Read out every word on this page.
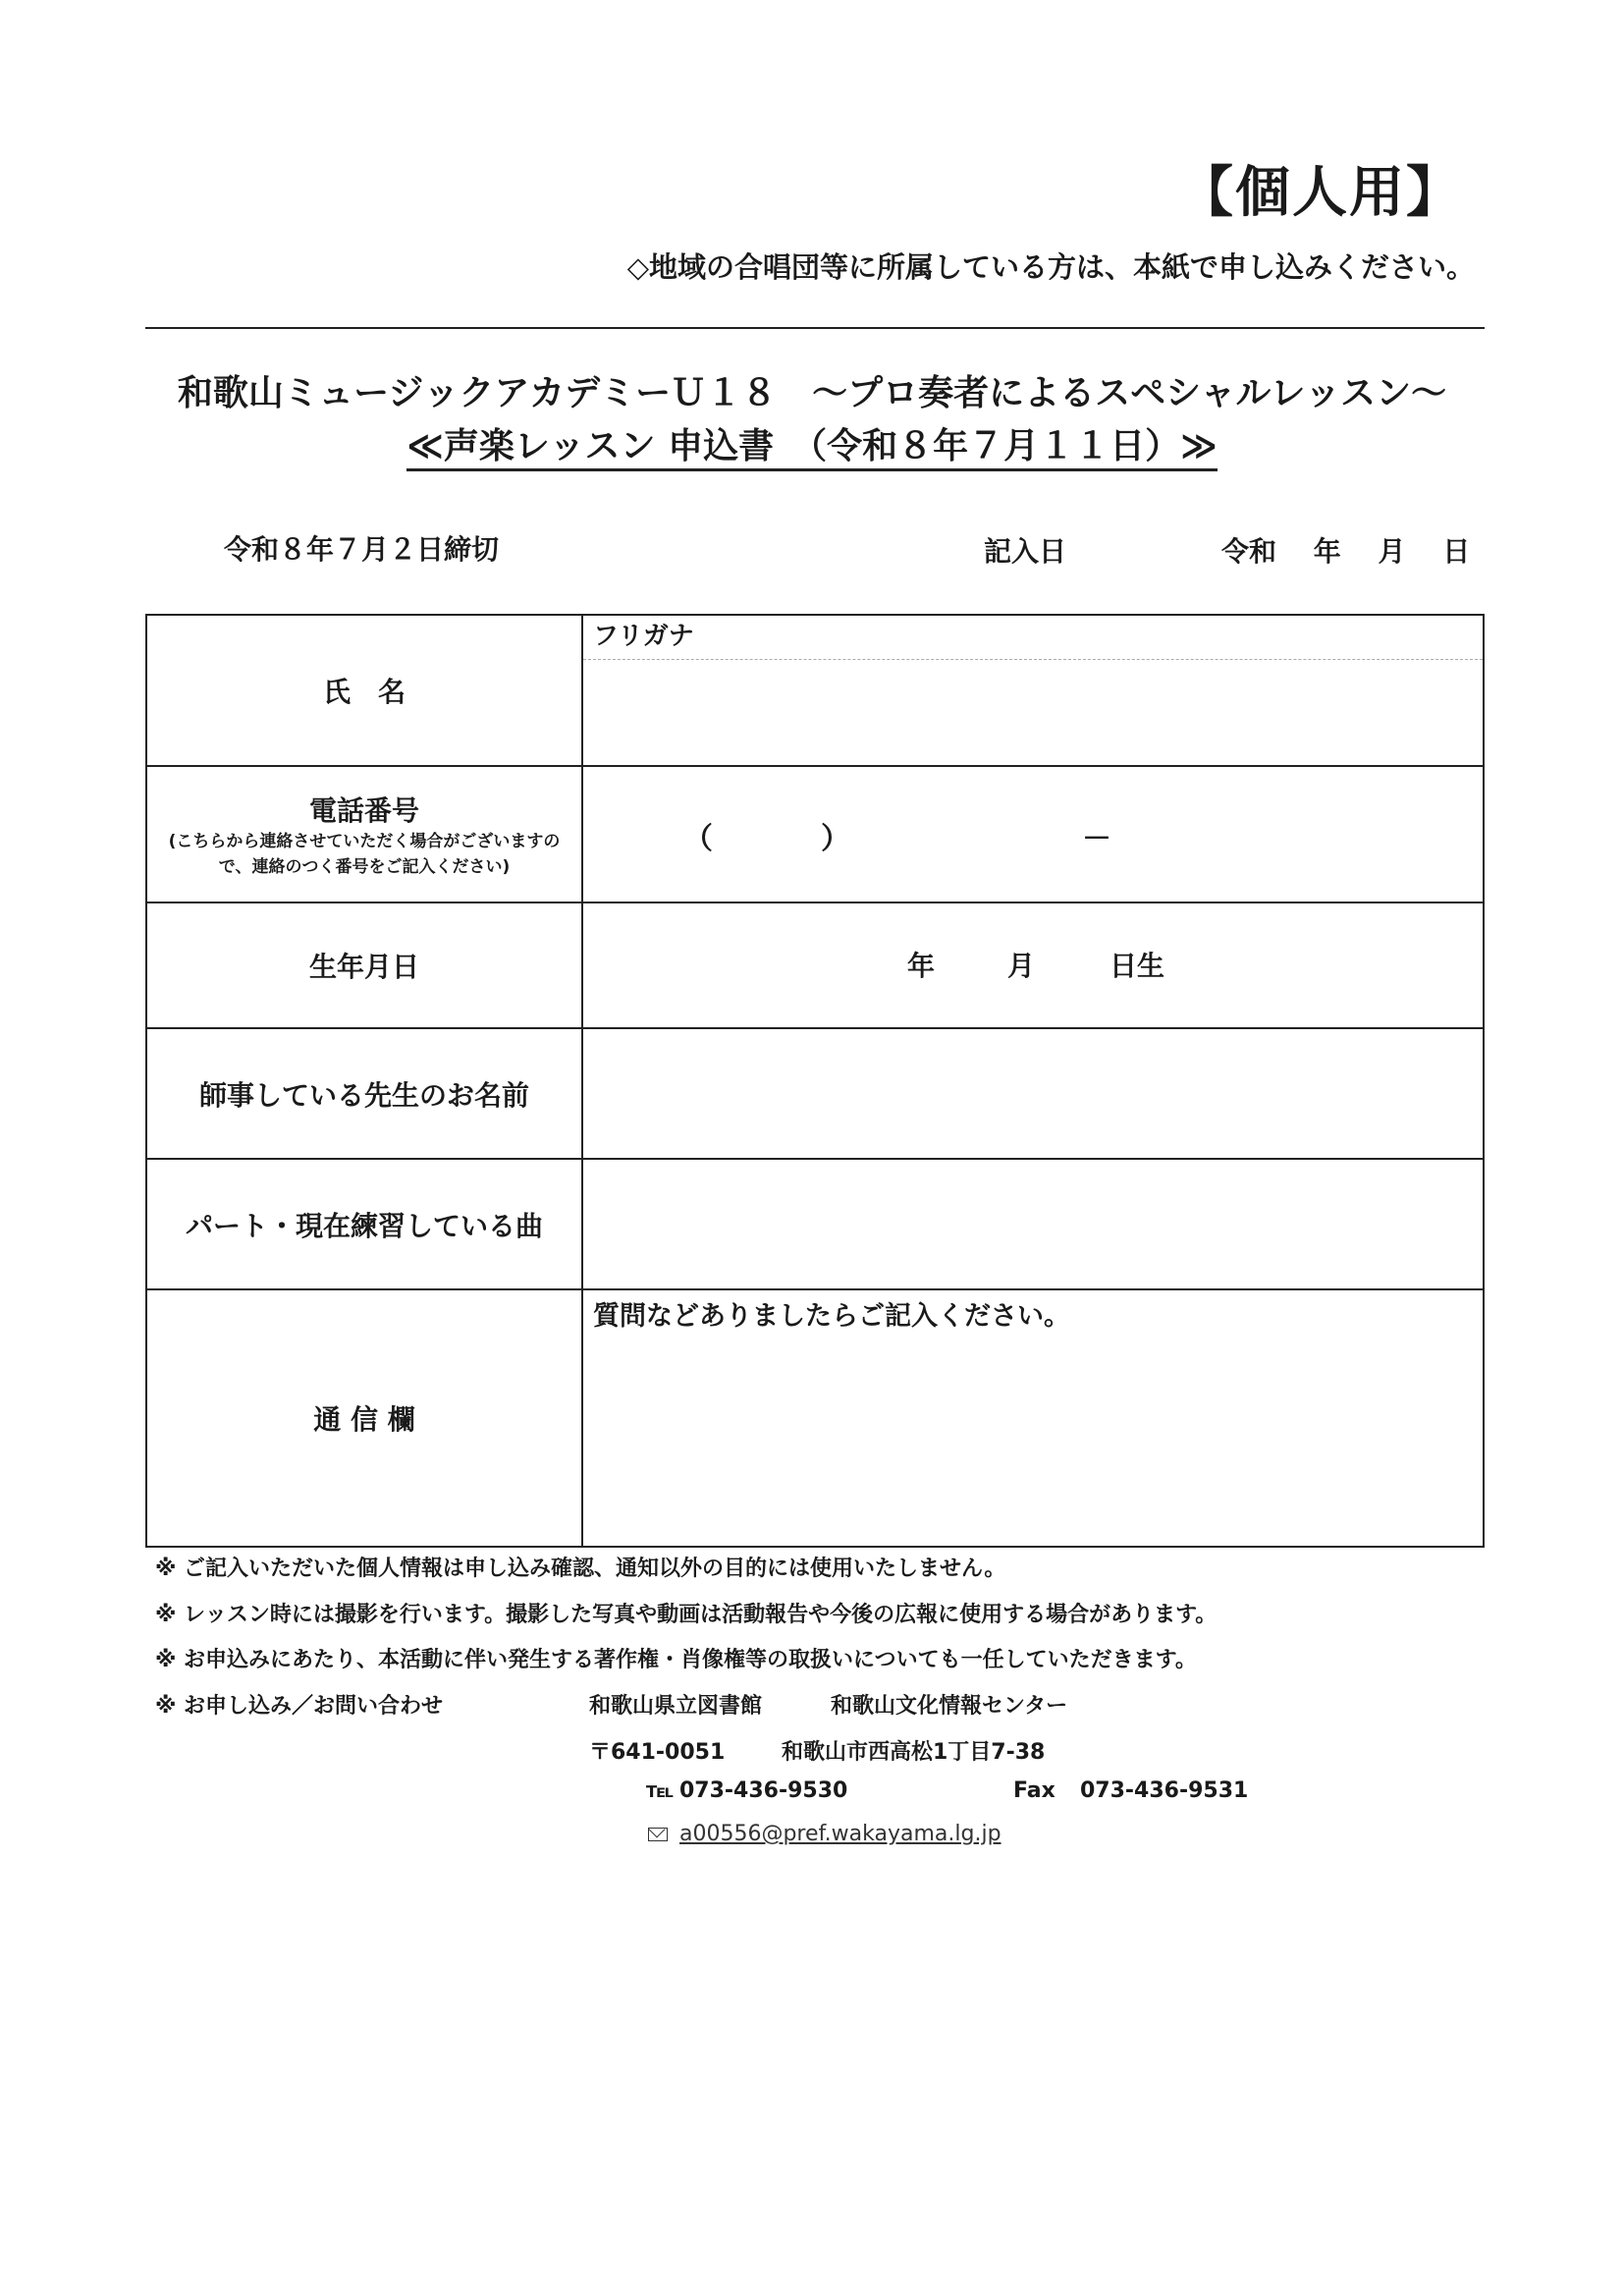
【個人用】
◇地域の合唱団等に所属している方は、本紙で申し込みください。
和歌山ミュージックアカデミーＵ１８　～プロ奏者によるスペシャルレッスン～
≪声楽レッスン 申込書　（令和８年７月１１日）≫
令和８年７月２日締切	記入日	令和　 年　 月　 日
氏　名	フリガナ

電話番号
(こちらから連絡させていただく場合がございますので、連絡のつく番号をご記入ください)	（ ） －

生年月日	年 月 日生

師事している先生のお名前	
パート・現在練習している曲	
通 信 欄	質問などありましたらご記入ください。
※ ご記入いただいた個人情報は申し込み確認、通知以外の目的には使用いたしません。
※ レッスン時には撮影を行います。撮影した写真や動画は活動報告や今後の広報に使用する場合があります。
※ お申込みにあたり、本活動に伴い発生する著作権・肖像権等の取扱いについても一任していただきます。
※ お申し込み／お問い合わせ	和歌山県立図書館	和歌山文化情報センター
〒641-0051	和歌山市西高松1丁目7-38
℡ 073-436-9530	Fax 073-436-9531
a00556@pref.wakayama.lg.jp
